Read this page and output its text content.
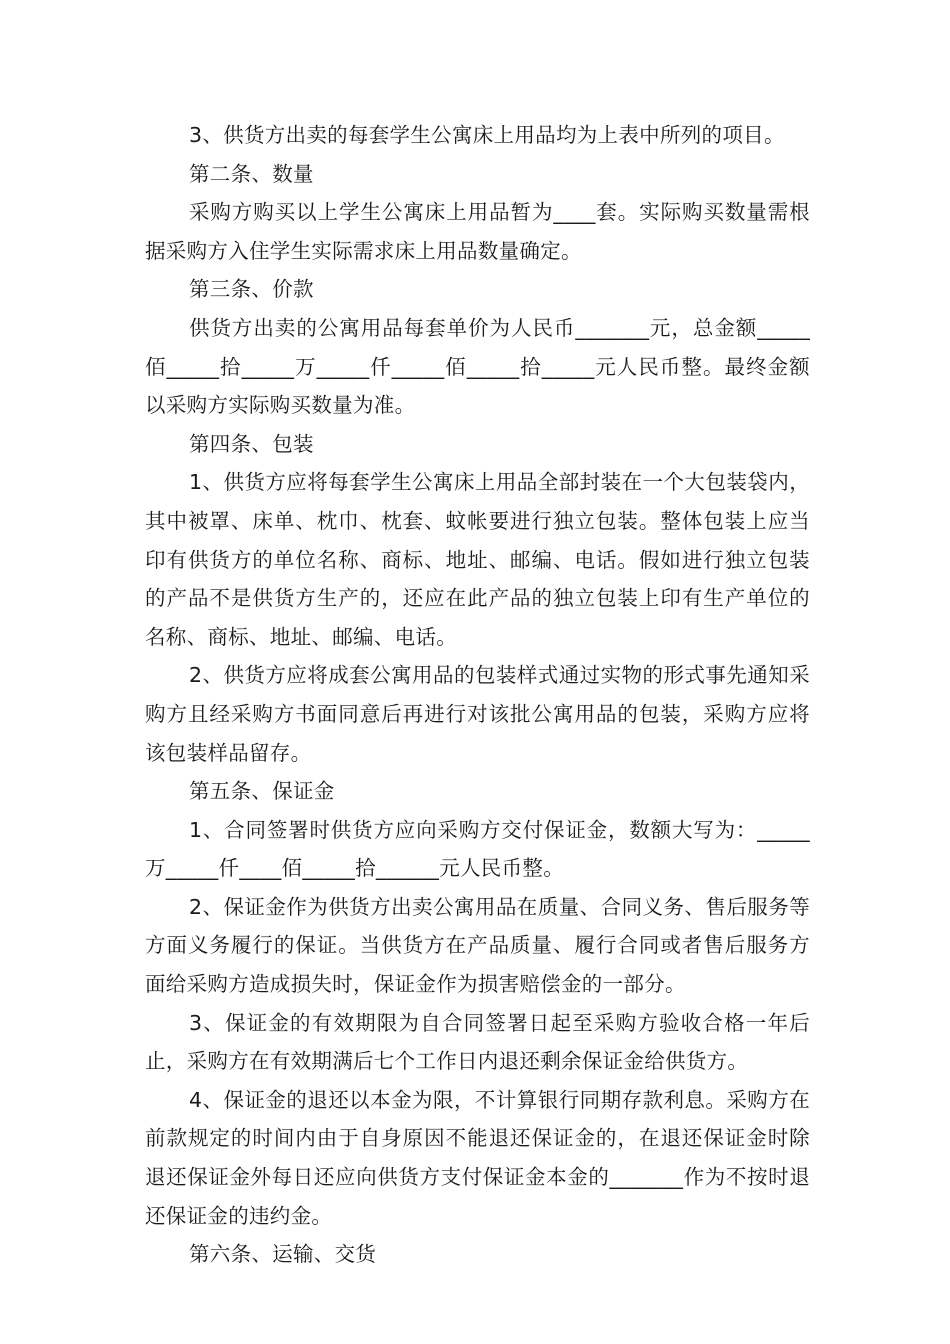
3、供货方出卖的每套学生公寓床上用品均为上表中所列的项目。

第二条、数量

采购方购买以上学生公寓床上用品暂为____套。实际购买数量需根据采购方入住学生实际需求床上用品数量确定。

第三条、价款

供货方出卖的公寓用品每套单价为人民币_______元，总金额_____佰_____拾_____万_____仟_____佰_____拾_____元人民币整。最终金额以采购方实际购买数量为准。

第四条、包装

1、供货方应将每套学生公寓床上用品全部封装在一个大包装袋内，其中被罩、床单、枕巾、枕套、蚊帐要进行独立包装。整体包装上应当印有供货方的单位名称、商标、地址、邮编、电话。假如进行独立包装的产品不是供货方生产的，还应在此产品的独立包装上印有生产单位的名称、商标、地址、邮编、电话。

2、供货方应将成套公寓用品的包装样式通过实物的形式事先通知采购方且经采购方书面同意后再进行对该批公寓用品的包装，采购方应将该包装样品留存。

第五条、保证金

1、合同签署时供货方应向采购方交付保证金，数额大写为：_____万_____仟____佰_____拾______元人民币整。

2、保证金作为供货方出卖公寓用品在质量、合同义务、售后服务等方面义务履行的保证。当供货方在产品质量、履行合同或者售后服务方面给采购方造成损失时，保证金作为损害赔偿金的一部分。

3、保证金的有效期限为自合同签署日起至采购方验收合格一年后止，采购方在有效期满后七个工作日内退还剩余保证金给供货方。

4、保证金的退还以本金为限，不计算银行同期存款利息。采购方在前款规定的时间内由于自身原因不能退还保证金的，在退还保证金时除退还保证金外每日还应向供货方支付保证金本金的_______作为不按时退还保证金的违约金。

第六条、运输、交货
